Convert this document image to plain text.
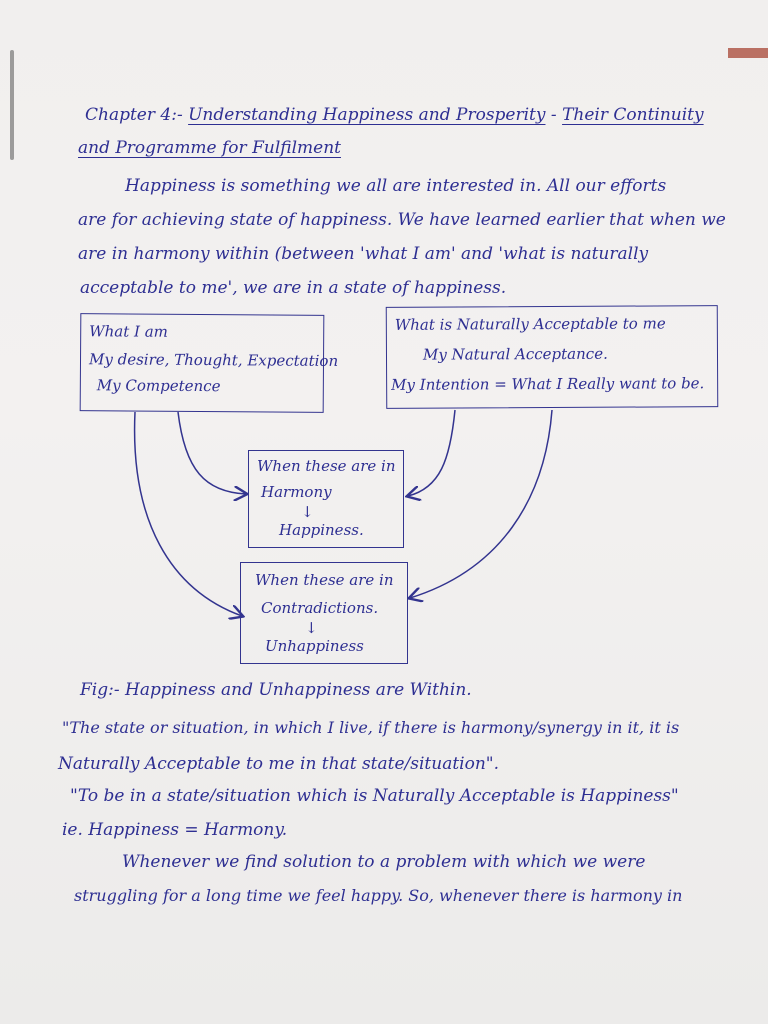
Chapter 4:- Understanding Happiness and Prosperity - Their Continuity
and Programme for Fulfilment
Happiness is something we all are interested in. All our efforts
are for achieving state of happiness. We have learned earlier that when we
are in harmony within (between 'what I am' and 'what is naturally
acceptable to me', we are in a state of happiness.
What I am
My desire, Thought, Expectation
My Competence
What is Naturally Acceptable to me
My Natural Acceptance.
My Intention = What I Really want to be.
When these are in
Harmony
↓
Happiness.
When these are in
Contradictions.
↓
Unhappiness
Fig:- Happiness and Unhappiness are Within.
"The state or situation, in which I live, if there is harmony/synergy in it, it is
Naturally Acceptable to me in that state/situation".
"To be in a state/situation which is Naturally Acceptable is Happiness"
ie. Happiness = Harmony.
Whenever we find solution to a problem with which we were
struggling for a long time we feel happy. So, whenever there is harmony in
